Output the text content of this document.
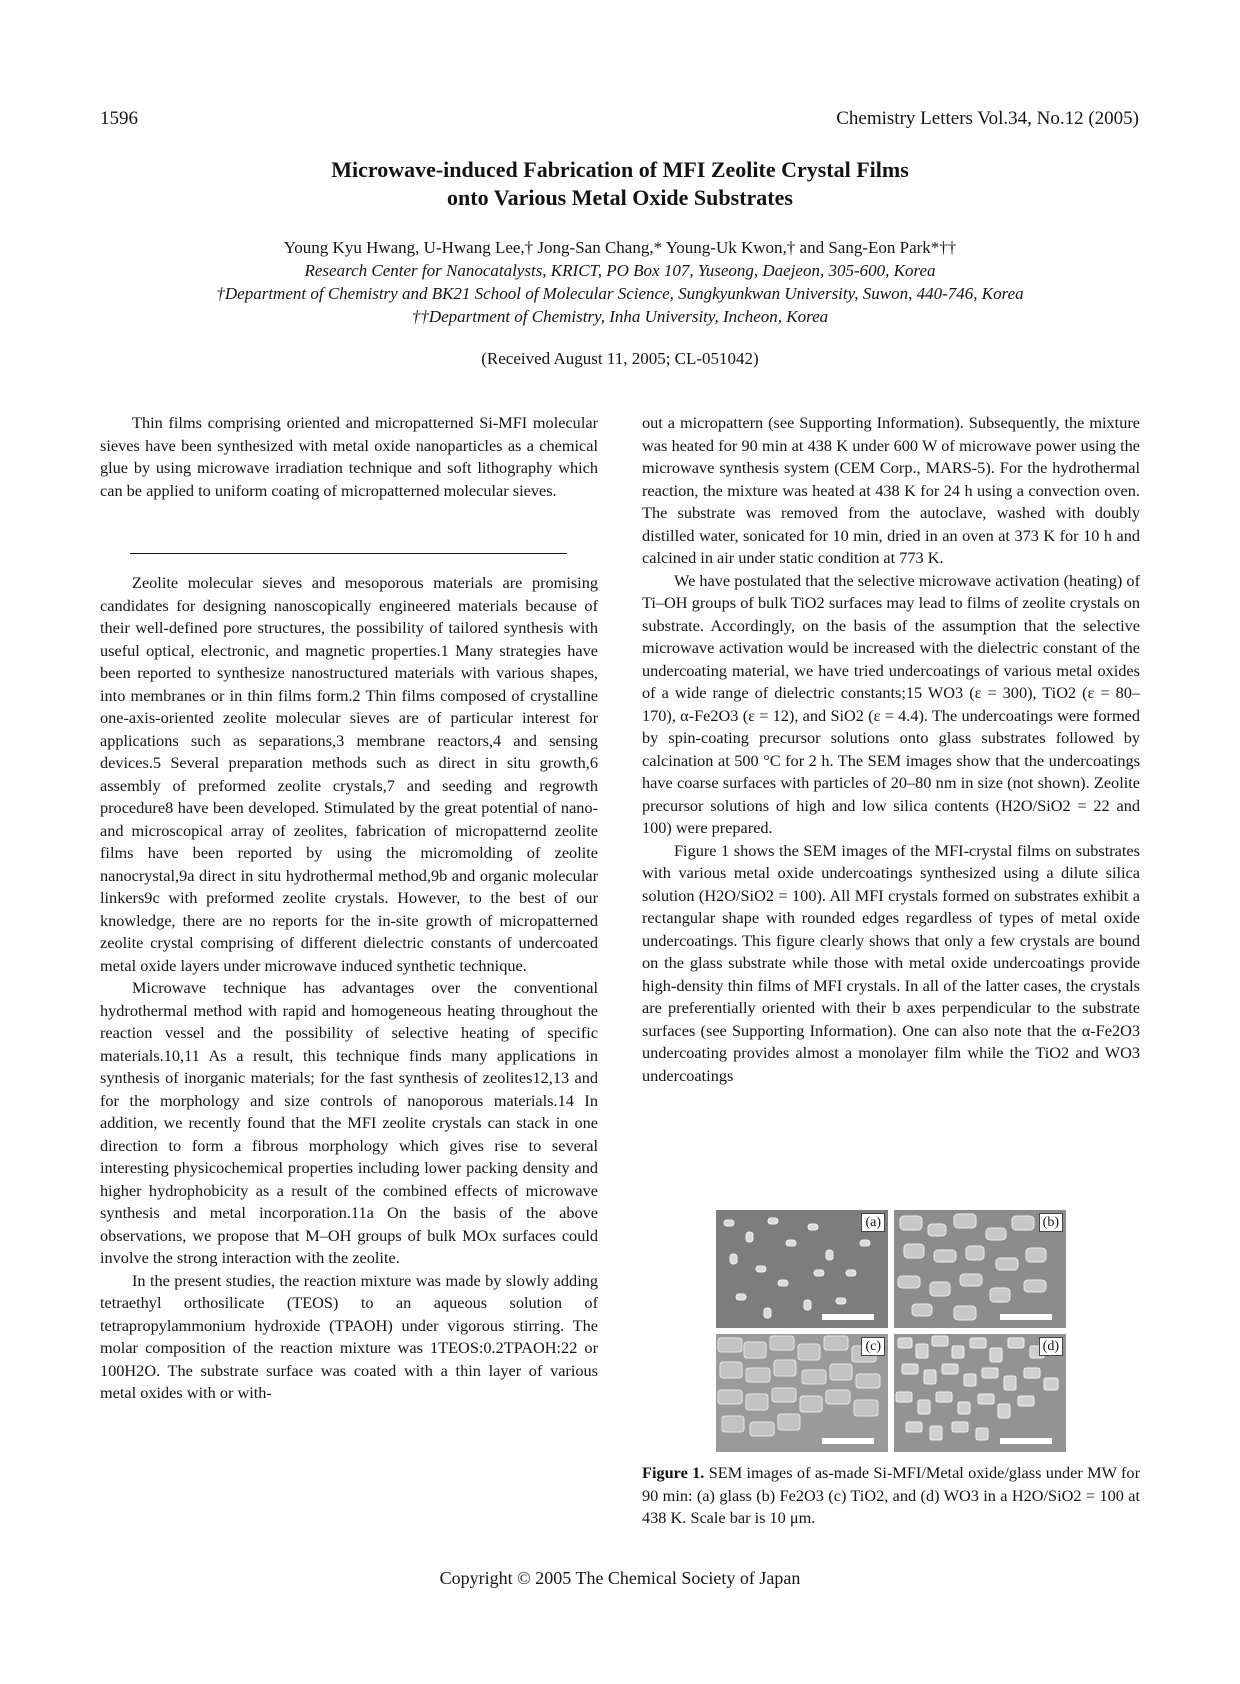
1596	Chemistry Letters Vol.34, No.12 (2005)
Microwave-induced Fabrication of MFI Zeolite Crystal Films
onto Various Metal Oxide Substrates
Young Kyu Hwang, U-Hwang Lee,† Jong-San Chang,* Young-Uk Kwon,† and Sang-Eon Park*††
Research Center for Nanocatalysts, KRICT, PO Box 107, Yuseong, Daejeon, 305-600, Korea
†Department of Chemistry and BK21 School of Molecular Science, Sungkyunkwan University, Suwon, 440-746, Korea
††Department of Chemistry, Inha University, Incheon, Korea
(Received August 11, 2005; CL-051042)

Thin films comprising oriented and micropatterned Si-MFI molecular sieves have been synthesized with metal oxide nanoparticles as a chemical glue by using microwave irradiation technique and soft lithography which can be applied to uniform coating of micropatterned molecular sieves.

Zeolite molecular sieves and mesoporous materials are promising candidates for designing nanoscopically engineered materials because of their well-defined pore structures, the possibility of tailored synthesis with useful optical, electronic, and magnetic properties.1 Many strategies have been reported to synthesize nanostructured materials with various shapes, into membranes or in thin films form.2 Thin films composed of crystalline one-axis-oriented zeolite molecular sieves are of particular interest for applications such as separations,3 membrane reactors,4 and sensing devices.5 Several preparation methods such as direct in situ growth,6 assembly of preformed zeolite crystals,7 and seeding and regrowth procedure8 have been developed. Stimulated by the great potential of nano- and microscopical array of zeolites, fabrication of micropatternd zeolite films have been reported by using the micromolding of zeolite nanocrystal,9a direct in situ hydrothermal method,9b and organic molecular linkers9c with preformed zeolite crystals. However, to the best of our knowledge, there are no reports for the in-site growth of micropatterned zeolite crystal comprising of different dielectric constants of undercoated metal oxide layers under microwave induced synthetic technique.

Microwave technique has advantages over the conventional hydrothermal method with rapid and homogeneous heating throughout the reaction vessel and the possibility of selective heating of specific materials.10,11 As a result, this technique finds many applications in synthesis of inorganic materials; for the fast synthesis of zeolites12,13 and for the morphology and size controls of nanoporous materials.14 In addition, we recently found that the MFI zeolite crystals can stack in one direction to form a fibrous morphology which gives rise to several interesting physicochemical properties including lower packing density and higher hydrophobicity as a result of the combined effects of microwave synthesis and metal incorporation.11a On the basis of the above observations, we propose that M–OH groups of bulk MOx surfaces could involve the strong interaction with the zeolite.

In the present studies, the reaction mixture was made by slowly adding tetraethyl orthosilicate (TEOS) to an aqueous solution of tetrapropylammonium hydroxide (TPAOH) under vigorous stirring. The molar composition of the reaction mixture was 1TEOS:0.2TPAOH:22 or 100H2O. The substrate surface was coated with a thin layer of various metal oxides with or with-

out a micropattern (see Supporting Information). Subsequently, the mixture was heated for 90 min at 438 K under 600 W of microwave power using the microwave synthesis system (CEM Corp., MARS-5). For the hydrothermal reaction, the mixture was heated at 438 K for 24 h using a convection oven. The substrate was removed from the autoclave, washed with doubly distilled water, sonicated for 10 min, dried in an oven at 373 K for 10 h and calcined in air under static condition at 773 K.

We have postulated that the selective microwave activation (heating) of Ti–OH groups of bulk TiO2 surfaces may lead to films of zeolite crystals on substrate. Accordingly, on the basis of the assumption that the selective microwave activation would be increased with the dielectric constant of the undercoating material, we have tried undercoatings of various metal oxides of a wide range of dielectric constants;15 WO3 (ε = 300), TiO2 (ε = 80–170), α-Fe2O3 (ε = 12), and SiO2 (ε = 4.4). The undercoatings were formed by spin-coating precursor solutions onto glass substrates followed by calcination at 500 °C for 2 h. The SEM images show that the undercoatings have coarse surfaces with particles of 20–80 nm in size (not shown). Zeolite precursor solutions of high and low silica contents (H2O/SiO2 = 22 and 100) were prepared.

Figure 1 shows the SEM images of the MFI-crystal films on substrates with various metal oxide undercoatings synthesized using a dilute silica solution (H2O/SiO2 = 100). All MFI crystals formed on substrates exhibit a rectangular shape with rounded edges regardless of types of metal oxide undercoatings. This figure clearly shows that only a few crystals are bound on the glass substrate while those with metal oxide undercoatings provide high-density thin films of MFI crystals. In all of the latter cases, the crystals are preferentially oriented with their b axes perpendicular to the substrate surfaces (see Supporting Information). One can also note that the α-Fe2O3 undercoating provides almost a monolayer film while the TiO2 and WO3 undercoatings

(a)	(b)
(c)	(d)
Figure 1. SEM images of as-made Si-MFI/Metal oxide/glass under MW for 90 min: (a) glass (b) Fe2O3 (c) TiO2, and (d) WO3 in a H2O/SiO2 = 100 at 438 K. Scale bar is 10 μm.
Copyright © 2005 The Chemical Society of Japan
